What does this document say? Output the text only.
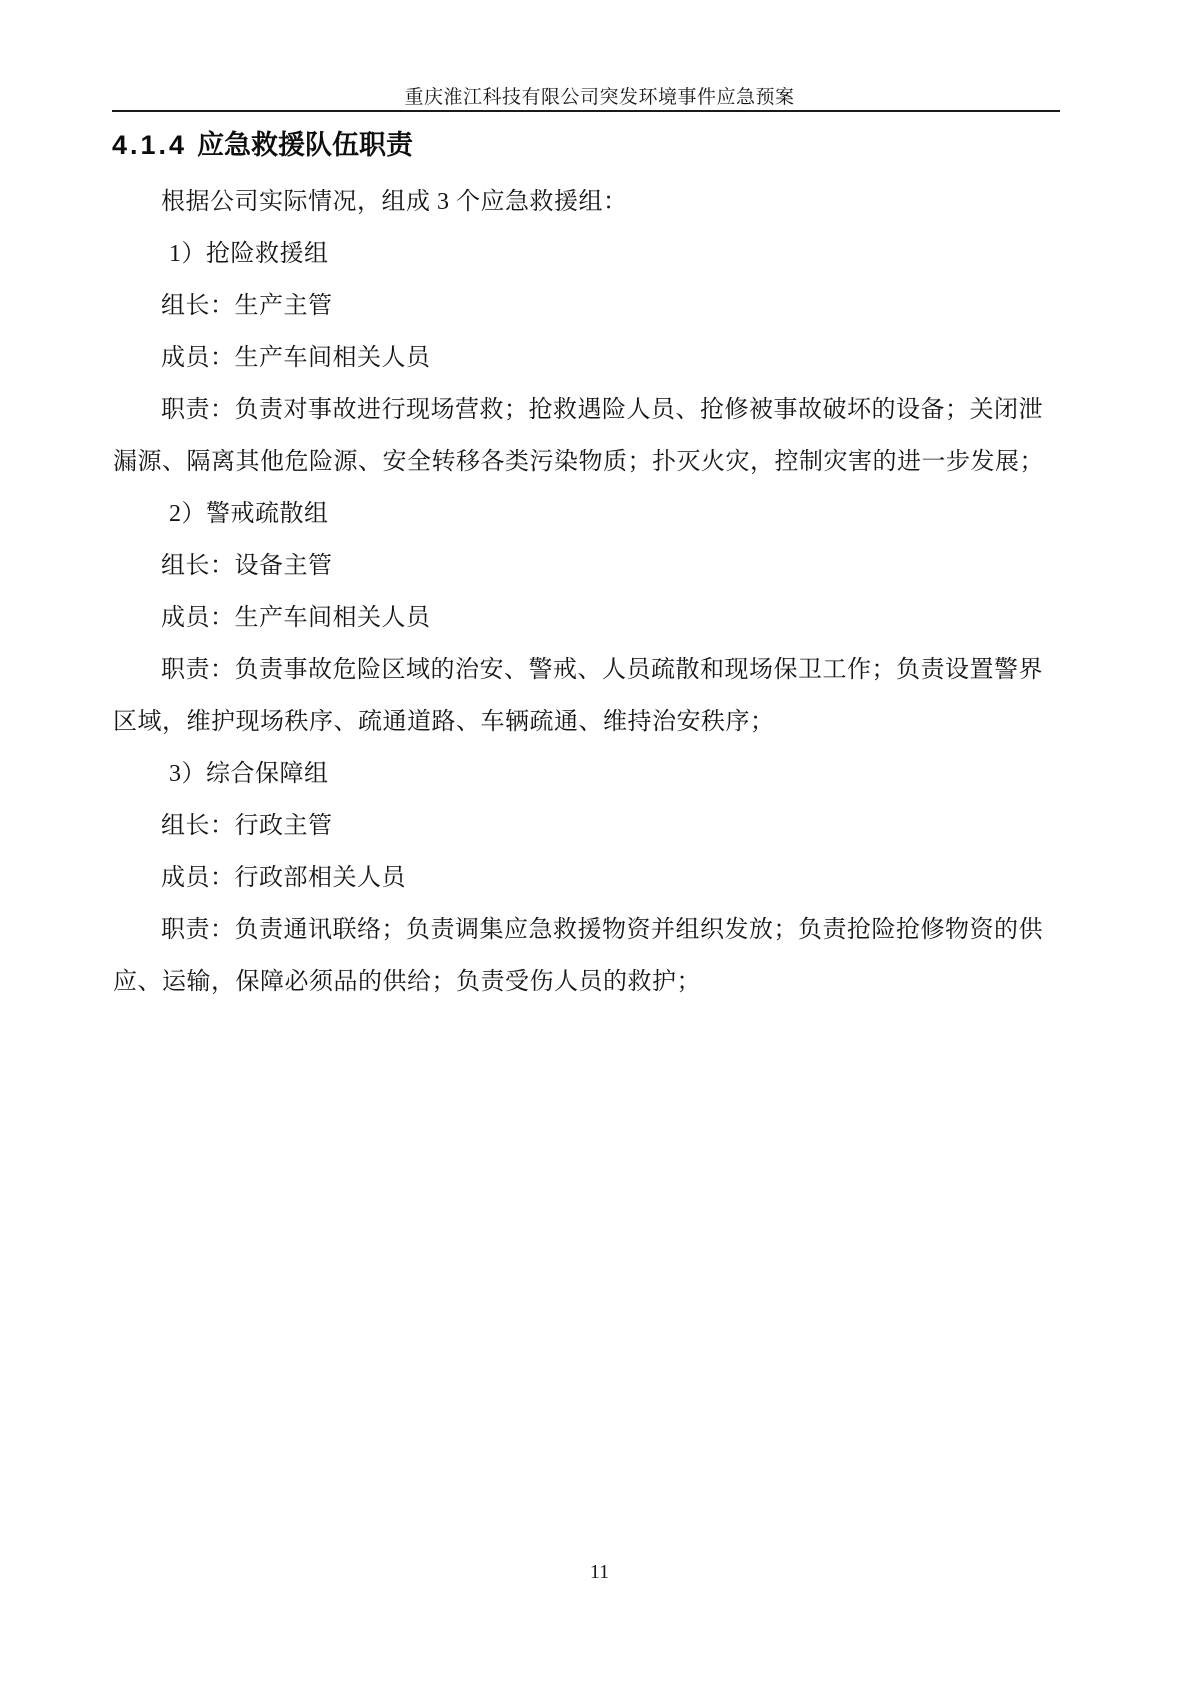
重庆淮江科技有限公司突发环境事件应急预案
4.1.4 应急救援队伍职责
根据公司实际情况，组成 3 个应急救援组：
1）抢险救援组
组长：生产主管
成员：生产车间相关人员
职责：负责对事故进行现场营救；抢救遇险人员、抢修被事故破坏的设备；关闭泄
漏源、隔离其他危险源、安全转移各类污染物质；扑灭火灾，控制灾害的进一步发展；
2）警戒疏散组
组长：设备主管
成员：生产车间相关人员
职责：负责事故危险区域的治安、警戒、人员疏散和现场保卫工作；负责设置警界
区域，维护现场秩序、疏通道路、车辆疏通、维持治安秩序；
3）综合保障组
组长：行政主管
成员：行政部相关人员
职责：负责通讯联络；负责调集应急救援物资并组织发放；负责抢险抢修物资的供
应、运输，保障必须品的供给；负责受伤人员的救护；
11
